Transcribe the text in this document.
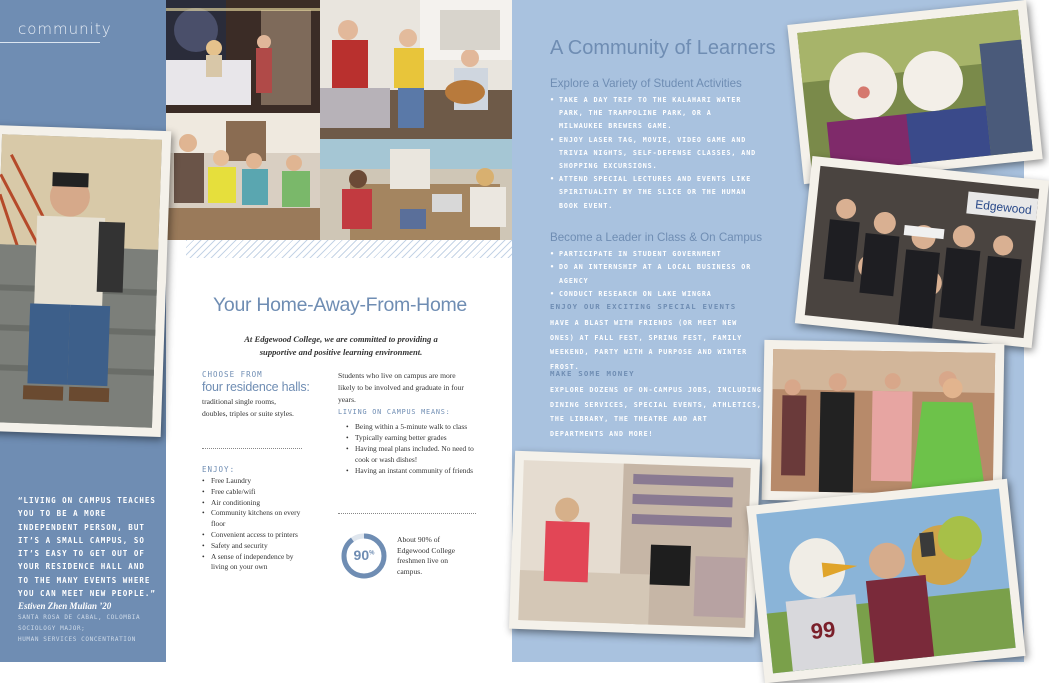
community
“LIVING ON CAMPUS TEACHES YOU TO BE A MORE INDEPENDENT PERSON, BUT IT’S A SMALL CAMPUS, SO IT’S EASY TO GET OUT OF YOUR RESIDENCE HALL AND TO THE MANY EVENTS WHERE YOU CAN MEET NEW PEOPLE.”
Estiven Zhen Mulian ’20
SANTA ROSA DE CABAL, COLOMBIA
SOCIOLOGY MAJOR;
HUMAN SERVICES CONCENTRATION
Your Home-Away-From-Home
At Edgewood College, we are committed to providing a supportive and positive learning environment.
CHOOSE FROM
four residence halls:
traditional single rooms, doubles, triples or suite styles.
ENJOY:
• Free Laundry
• Free cable/wifi
• Air conditioning
• Community kitchens on every floor
• Convenient access to printers
• Safety and security
• A sense of independence by living on your own
Students who live on campus are more likely to be involved and graduate in four years.
LIVING ON CAMPUS MEANS:
• Being within a 5-minute walk to class
• Typically earning better grades
• Having meal plans included. No need to cook or wash dishes!
• Having an instant community of friends
90%
About 90% of Edgewood College freshmen live on campus.
A Community of Learners
Explore a Variety of Student Activities
• TAKE A DAY TRIP TO THE KALAHARI WATER PARK, THE TRAMPOLINE PARK, OR A MILWAUKEE BREWERS GAME.
• ENJOY LASER TAG, MOVIE, VIDEO GAME AND TRIVIA NIGHTS, SELF-DEFENSE CLASSES, AND SHOPPING EXCURSIONS.
• ATTEND SPECIAL LECTURES AND EVENTS LIKE SPIRITUALITY BY THE SLICE OR THE HUMAN BOOK EVENT.
Become a Leader in Class & On Campus
• PARTICIPATE IN STUDENT GOVERNMENT
• DO AN INTERNSHIP AT A LOCAL BUSINESS OR AGENCY
• CONDUCT RESEARCH ON LAKE WINGRA
ENJOY OUR EXCITING SPECIAL EVENTS
HAVE A BLAST WITH FRIENDS (OR MEET NEW ONES) AT FALL FEST, SPRING FEST, FAMILY WEEKEND, PARTY WITH A PURPOSE AND WINTER FROST.
MAKE SOME MONEY
EXPLORE DOZENS OF ON-CAMPUS JOBS, INCLUDING DINING SERVICES, SPECIAL EVENTS, ATHLETICS, THE LIBRARY, THE THEATRE AND ART DEPARTMENTS AND MORE!
Edgewood
99
